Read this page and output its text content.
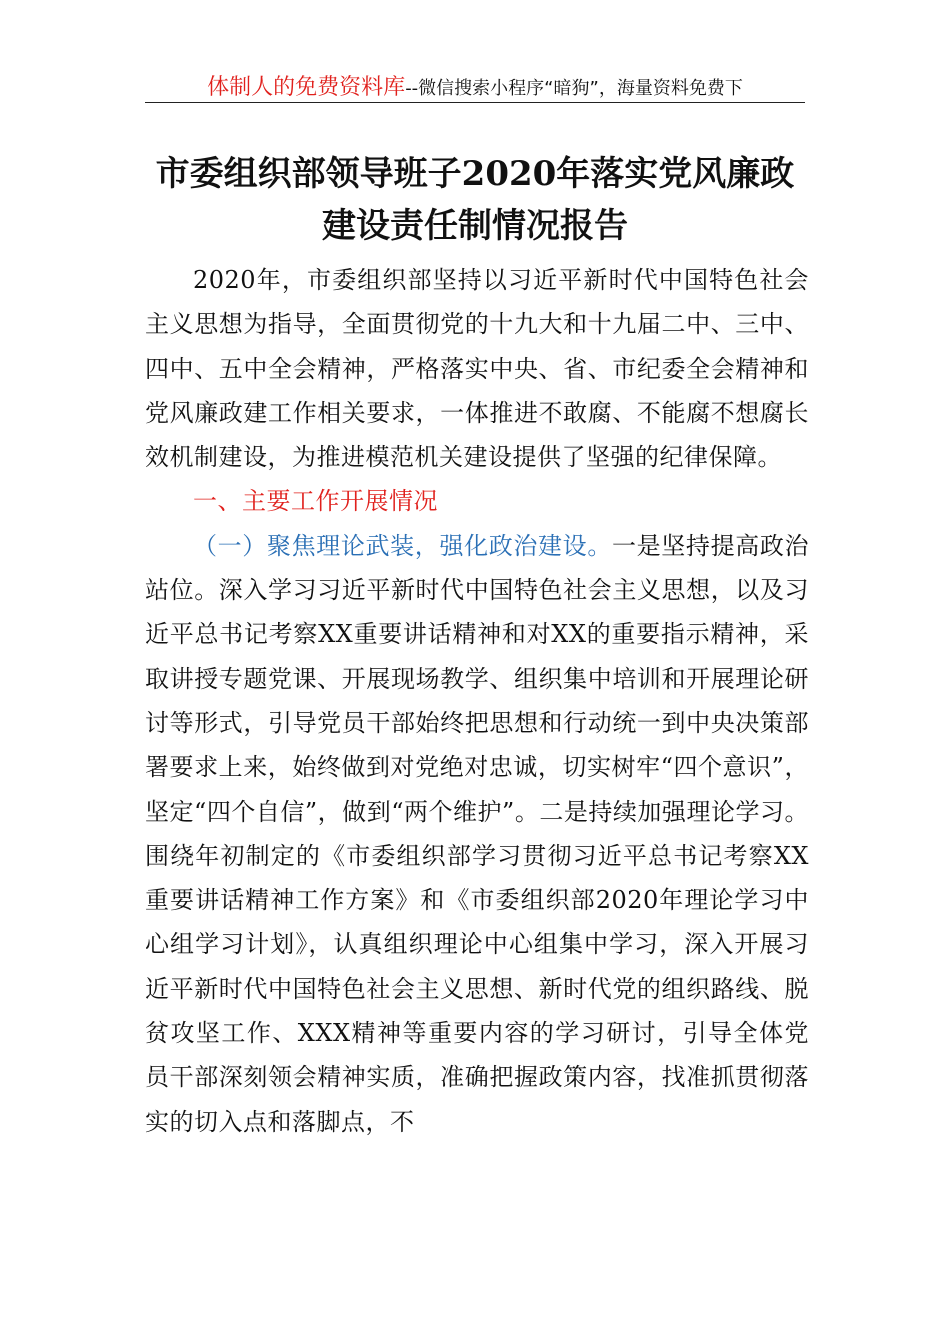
体制人的免费资料库--微信搜索小程序“暗狗”，海量资料免费下
市委组织部领导班子2020年落实党风廉政
建设责任制情况报告

2020年，市委组织部坚持以习近平新时代中国特色社会主义思想为指导，全面贯彻党的十九大和十九届二中、三中、四中、五中全会精神，严格落实中央、省、市纪委全会精神和党风廉政建工作相关要求，一体推进不敢腐、不能腐不想腐长效机制建设，为推进模范机关建设提供了坚强的纪律保障。

一、主要工作开展情况

（一）聚焦理论武装，强化政治建设。一是坚持提高政治站位。深入学习习近平新时代中国特色社会主义思想，以及习近平总书记考察XX重要讲话精神和对XX的重要指示精神，采取讲授专题党课、开展现场教学、组织集中培训和开展理论研讨等形式，引导党员干部始终把思想和行动统一到中央决策部署要求上来，始终做到对党绝对忠诚，切实树牢“四个意识”，坚定“四个自信”，做到“两个维护”。二是持续加强理论学习。围绕年初制定的《市委组织部学习贯彻习近平总书记考察XX重要讲话精神工作方案》和《市委组织部2020年理论学习中心组学习计划》，认真组织理论中心组集中学习，深入开展习近平新时代中国特色社会主义思想、新时代党的组织路线、脱贫攻坚工作、XXX精神等重要内容的学习研讨，引导全体党员干部深刻领会精神实质，准确把握政策内容，找准抓贯彻落实的切入点和落脚点，不
